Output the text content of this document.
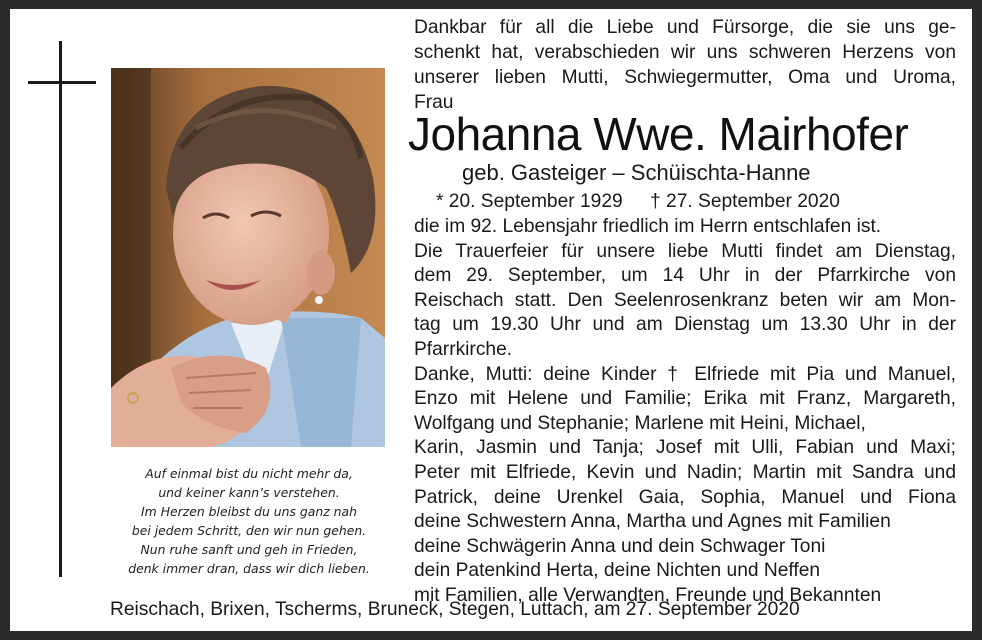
Auf einmal bist du nicht mehr da,
und keiner kann’s verstehen.
Im Herzen bleibst du uns ganz nah
bei jedem Schritt, den wir nun gehen.
Nun ruhe sanft und geh in Frieden,
denk immer dran, dass wir dich lieben.
Dankbar für all die Liebe und Fürsorge, die sie uns ge-
schenkt hat, verabschieden wir uns schweren Herzens von
unserer lieben Mutti, Schwiegermutter, Oma und Uroma,
Frau
Johanna Wwe. Mairhofer
geb. Gasteiger – Schüischta-Hanne
* 20. September 1929 † 27. September 2020
die im 92. Lebensjahr friedlich im Herrn entschlafen ist.
Die Trauerfeier für unsere liebe Mutti findet am Dienstag,
dem 29. September, um 14 Uhr in der Pfarrkirche von
Reischach statt. Den Seelenrosenkranz beten wir am Mon-
tag um 19.30 Uhr und am Dienstag um 13.30 Uhr in der
Pfarrkirche.
Danke, Mutti: deine Kinder † Elfriede mit Pia und Manuel,
Enzo mit Helene und Familie; Erika mit Franz, Margareth,
Wolfgang und Stephanie; Marlene mit Heini, Michael,
Karin, Jasmin und Tanja; Josef mit Ulli, Fabian und Maxi;
Peter mit Elfriede, Kevin und Nadin; Martin mit Sandra und
Patrick, deine Urenkel Gaia, Sophia, Manuel und Fiona
deine Schwestern Anna, Martha und Agnes mit Familien
deine Schwägerin Anna und dein Schwager Toni
dein Patenkind Herta, deine Nichten und Neffen
mit Familien, alle Verwandten, Freunde und Bekannten
Reischach, Brixen, Tscherms, Bruneck, Stegen, Luttach, am 27. September 2020
